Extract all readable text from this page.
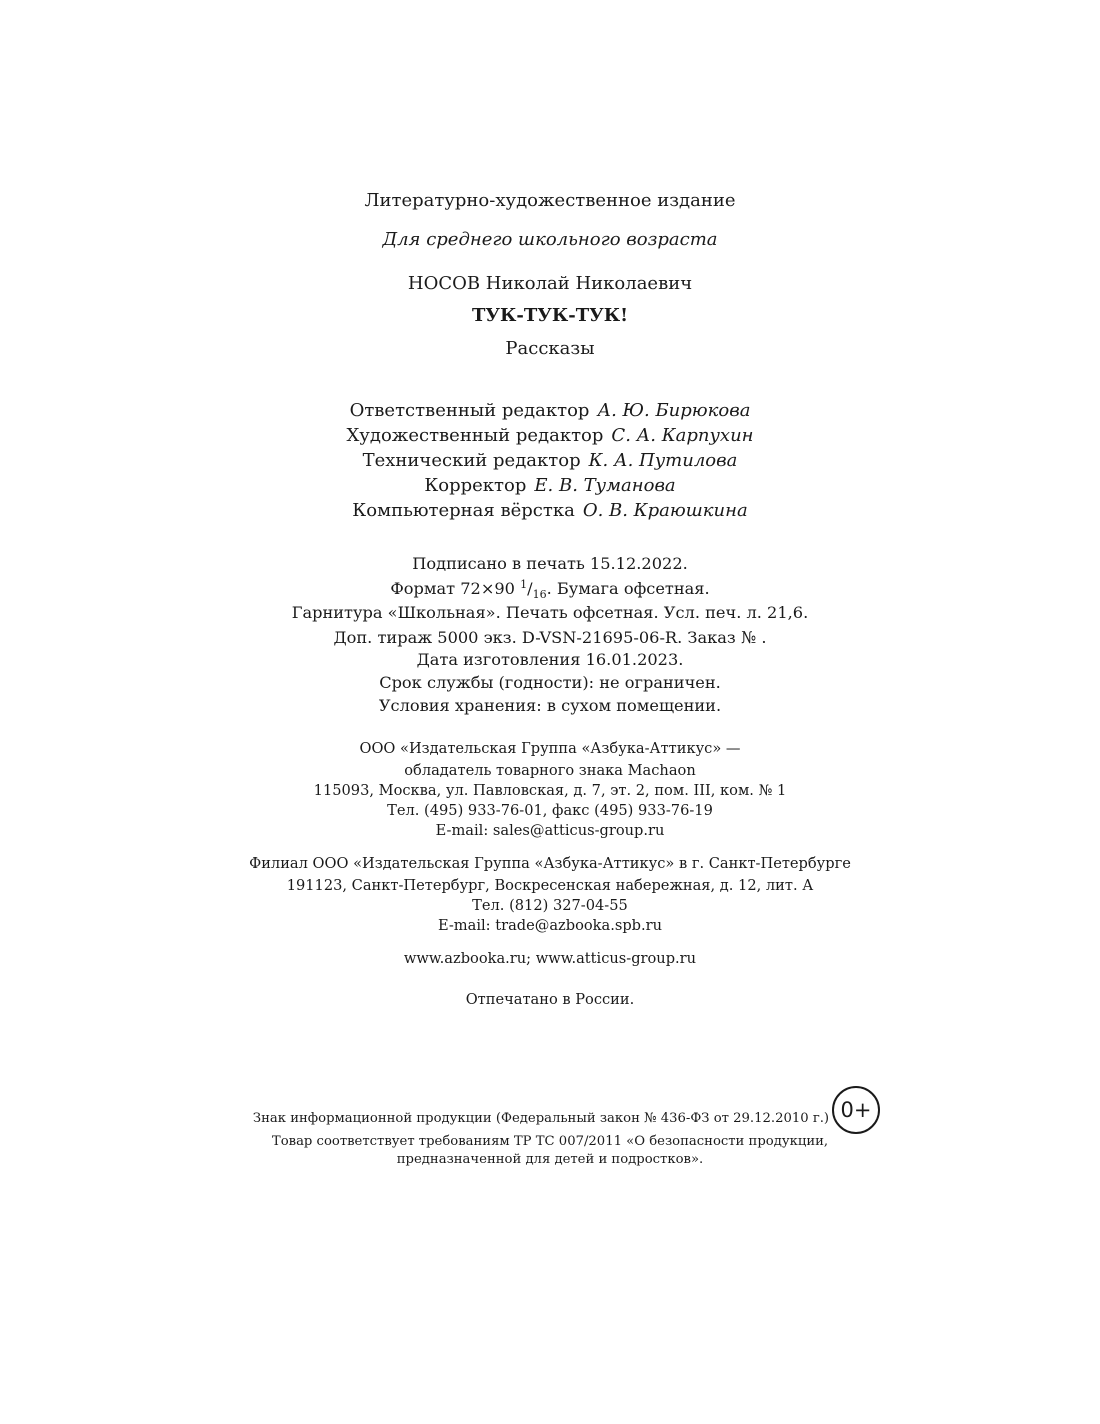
Литературно-художественное издание
Для среднего школьного возраста
НОСОВ Николай Николаевич
ТУК-ТУК-ТУК!
Рассказы
Ответственный редактор А. Ю. Бирюкова
Художественный редактор С. А. Карпухин
Технический редактор К. А. Путилова
Корректор Е. В. Туманова
Компьютерная вёрстка О. В. Краюшкина
Подписано в печать 15.12.2022.
Формат 72×90 $^1/_{16}$. Бумага офсетная.
Гарнитура «Школьная». Печать офсетная. Усл. печ. л. 21,6.
Доп. тираж 5000 экз. D-VSN-21695-06-R. Заказ № .
Дата изготовления 16.01.2023.
Срок службы (годности): не ограничен.
Условия хранения: в сухом помещении.
ООО «Издательская Группа «Азбука-Аттикус» —
обладатель товарного знака Machaon
115093, Москва, ул. Павловская, д. 7, эт. 2, пом. III, ком. № 1
Тел. (495) 933-76-01, факс (495) 933-76-19
E-mail: sales@atticus-group.ru
Филиал ООО «Издательская Группа «Азбука-Аттикус» в г. Санкт-Петербурге
191123, Санкт-Петербург, Воскресенская набережная, д. 12, лит. А
Тел. (812) 327-04-55
E-mail: trade@azbooka.spb.ru
www.azbooka.ru; www.atticus-group.ru
Отпечатано в России.
Знак информационной продукции (Федеральный закон № 436-ФЗ от 29.12.2010 г.) 0+
Товар соответствует требованиям ТР ТС 007/2011 «О безопасности продукции,
предназначенной для детей и подростков».
